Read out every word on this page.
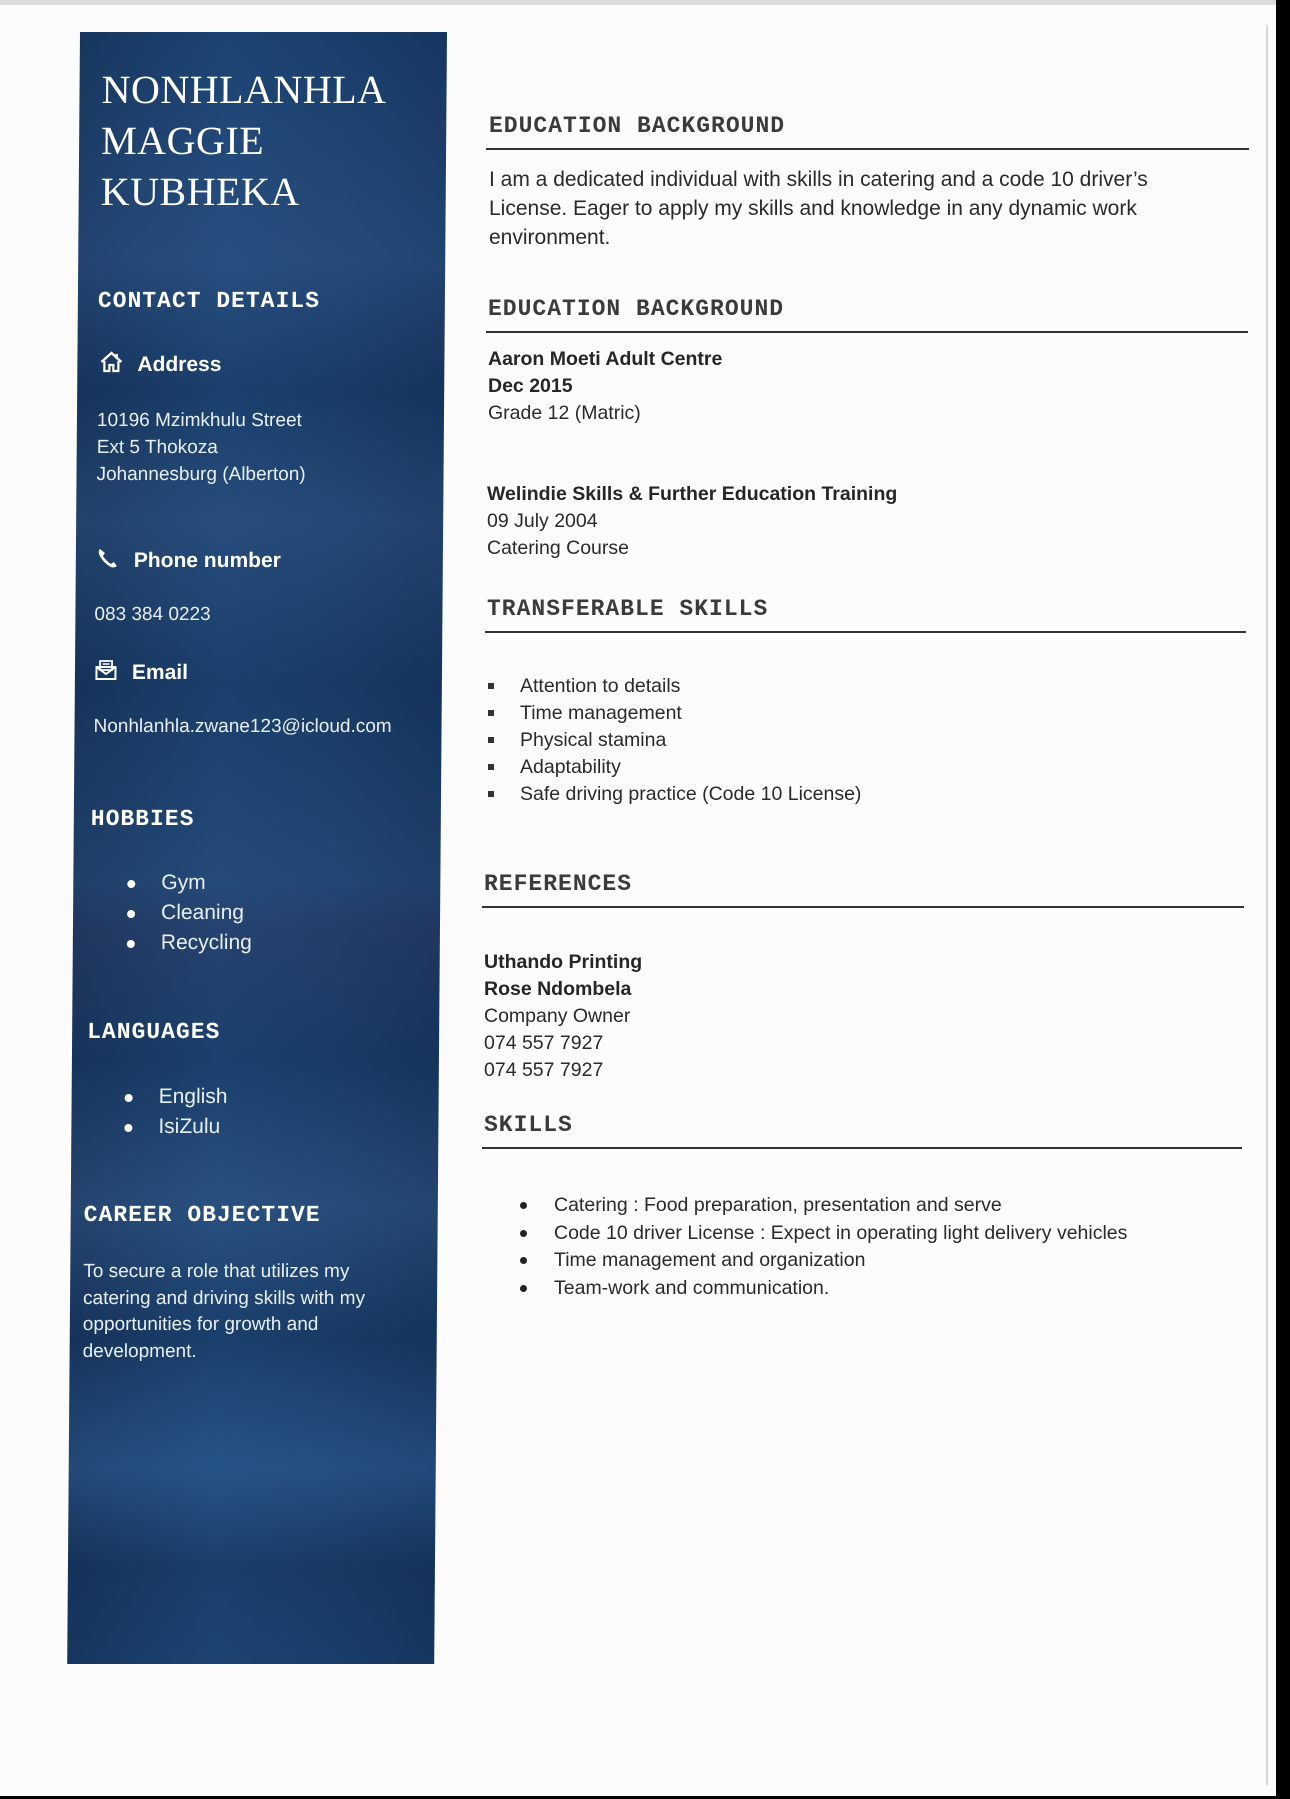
NONHLANHLA
MAGGIE
KUBHEKA
CONTACT DETAILS
Address
10196 Mzimkhulu Street
Ext 5 Thokoza
Johannesburg (Alberton)
Phone number
083 384 0223
Email
Nonhlanhla.zwane123@icloud.com
HOBBIES
Gym
Cleaning
Recycling
LANGUAGES
English
IsiZulu
CAREER OBJECTIVE
To secure a role that utilizes my
catering and driving skills with my
opportunities for growth and
development.
EDUCATION BACKGROUND
I am a dedicated individual with skills in catering and a code 10 driver’s
License. Eager to apply my skills and knowledge in any dynamic work
environment.
EDUCATION BACKGROUND
Aaron Moeti Adult Centre
Dec 2015
Grade 12 (Matric)
Welindie Skills & Further Education Training
09 July 2004
Catering Course
TRANSFERABLE SKILLS
Attention to details
Time management
Physical stamina
Adaptability
Safe driving practice (Code 10 License)
REFERENCES
Uthando Printing
Rose Ndombela
Company Owner
074 557 7927
074 557 7927
SKILLS
Catering : Food preparation, presentation and serve
Code 10 driver License : Expect in operating light delivery vehicles
Time management and organization
Team-work and communication.
